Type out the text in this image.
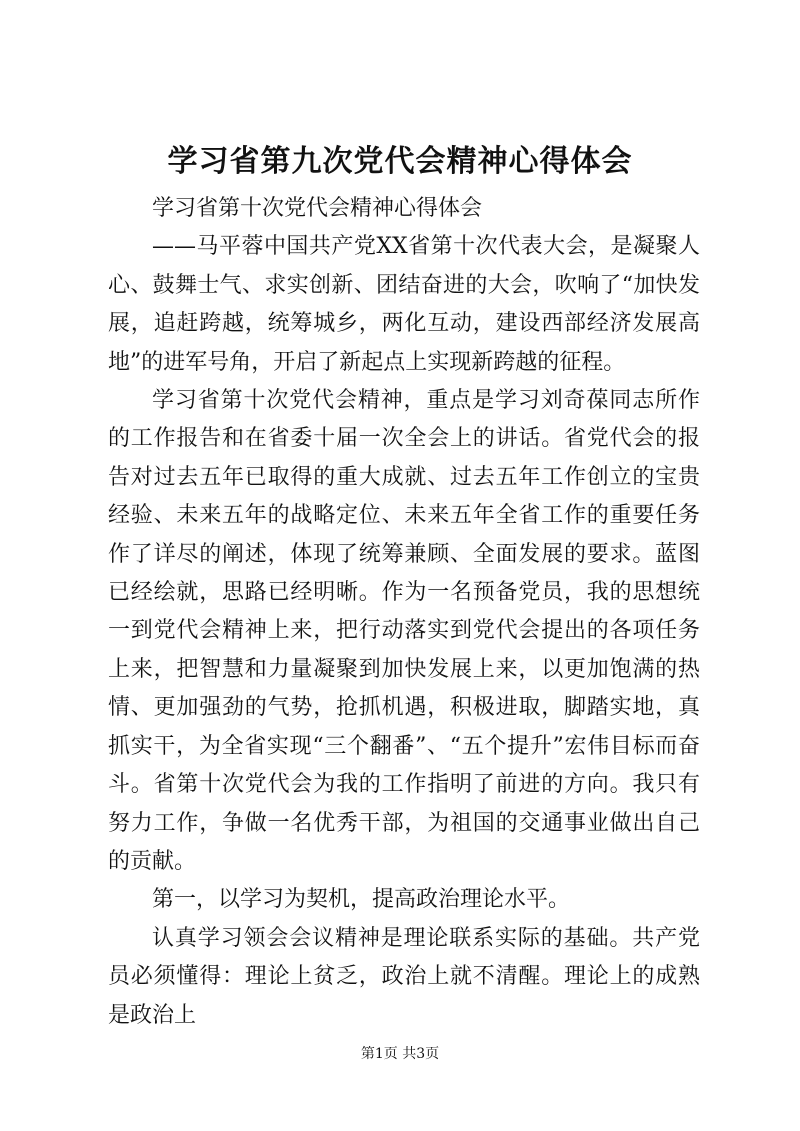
学习省第九次党代会精神心得体会

学习省第十次党代会精神心得体会

——马平蓉中国共产党XX省第十次代表大会，是凝聚人心、鼓舞士气、求实创新、团结奋进的大会，吹响了“加快发展，追赶跨越，统筹城乡，两化互动，建设西部经济发展高地”的进军号角，开启了新起点上实现新跨越的征程。

学习省第十次党代会精神，重点是学习刘奇葆同志所作的工作报告和在省委十届一次全会上的讲话。省党代会的报告对过去五年已取得的重大成就、过去五年工作创立的宝贵经验、未来五年的战略定位、未来五年全省工作的重要任务作了详尽的阐述，体现了统筹兼顾、全面发展的要求。蓝图已经绘就，思路已经明晰。作为一名预备党员，我的思想统一到党代会精神上来，把行动落实到党代会提出的各项任务上来，把智慧和力量凝聚到加快发展上来，以更加饱满的热情、更加强劲的气势，抢抓机遇，积极进取，脚踏实地，真抓实干，为全省实现“三个翻番”、“五个提升”宏伟目标而奋斗。省第十次党代会为我的工作指明了前进的方向。我只有努力工作，争做一名优秀干部，为祖国的交通事业做出自己的贡献。

第一，以学习为契机，提高政治理论水平。

认真学习领会会议精神是理论联系实际的基础。共产党员必须懂得：理论上贫乏，政治上就不清醒。理论上的成熟是政治上

第1页 共3页
